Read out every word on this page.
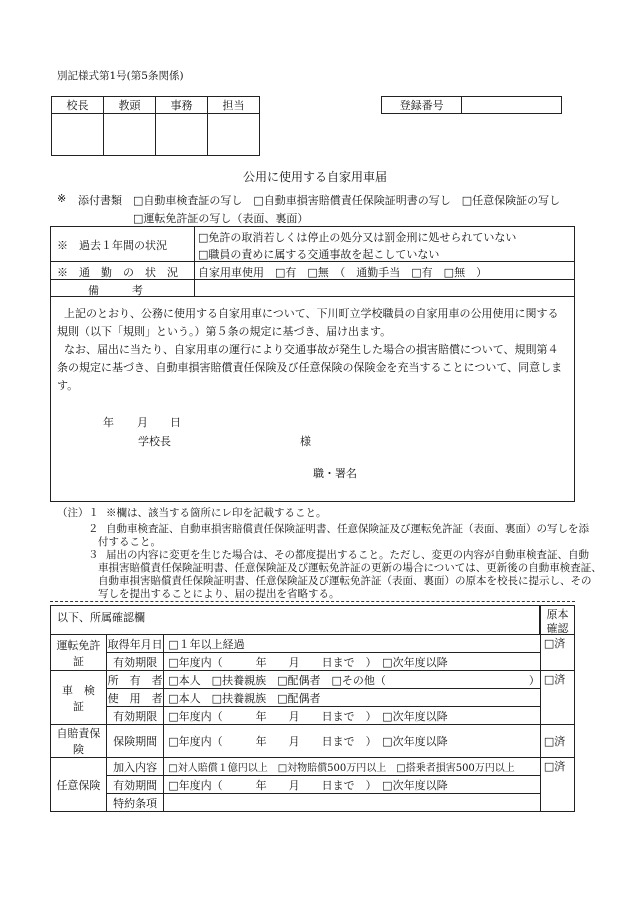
別記様式第1号(第5条関係)
校長	教頭	事務	担当
				登録番号	
公用に使用する自家用車届
※ 添付書類 □自動車検査証の写し　□自動車損害賠償責任保険証明書の写し　□任意保険証の写し
□運転免許証の写し（表面、裏面）
※　過去１年間の状況
□免許の取消若しくは停止の処分又は罰金刑に処せられていない
□職員の責めに属する交通事故を起こしていない
※　通　勤　の　状　況 自家用車使用　□有　□無　（　通勤手当　□有　□無　）
備　　　考
上記のとおり、公務に使用する自家用車について、下川町立学校職員の自家用車の公用使用に関する
規則（以下「規則」という。）第５条の規定に基づき、届け出ます。
なお、届出に当たり、自家用車の運行により交通事故が発生した場合の損害賠償について、規則第４
条の規定に基づき、自動車損害賠償責任保険及び任意保険の保険金を充当することについて、同意しま
す。
年 月 日
学校長	様
職・署名
（注）１ ※欄は、該当する箇所にレ印を記載すること。
２ 自動車検査証、自動車損害賠償責任保険証明書、任意保険証及び運転免許証（表面、裏面）の写しを添
付すること。
３ 届出の内容に変更を生じた場合は、その都度提出すること。ただし、変更の内容が自動車検査証、自動
車損害賠償責任保険証明書、任意保険証及び運転免許証の更新の場合については、更新後の自動車検査証、
自動車損害賠償責任保険証明書、任意保険証及び運転免許証（表面、裏面）の原本を校長に提示し、その
写しを提出することにより、届の提出を省略する。
以下、所属確認欄
運転免許証	取得年月日	□１年以上経過	□済
	有効期限	□年度内（　　　年　　月　　日まで　）　□次年度以降	
車　検　証	所　有　者	□本人　□扶養親族　□配偶者　□その他（　　　　　　　　　　　　　）	□済
	使　用　者	□本人　□扶養親族　□配偶者	
	有効期限	□年度内（　　　年　　月　　日まで　）　□次年度以降	
自賠責保険	保険期間	□年度内（　　　年　　月　　日まで　）　□次年度以降	□済
任意保険	加入内容	□対人賠償１億円以上　□対物賠償500万円以上　□搭乗者損害500万円以上	□済
	有効期間	□年度内（　　　年　　月　　日まで　）　□次年度以降	
	特約条項		
原本
確認
